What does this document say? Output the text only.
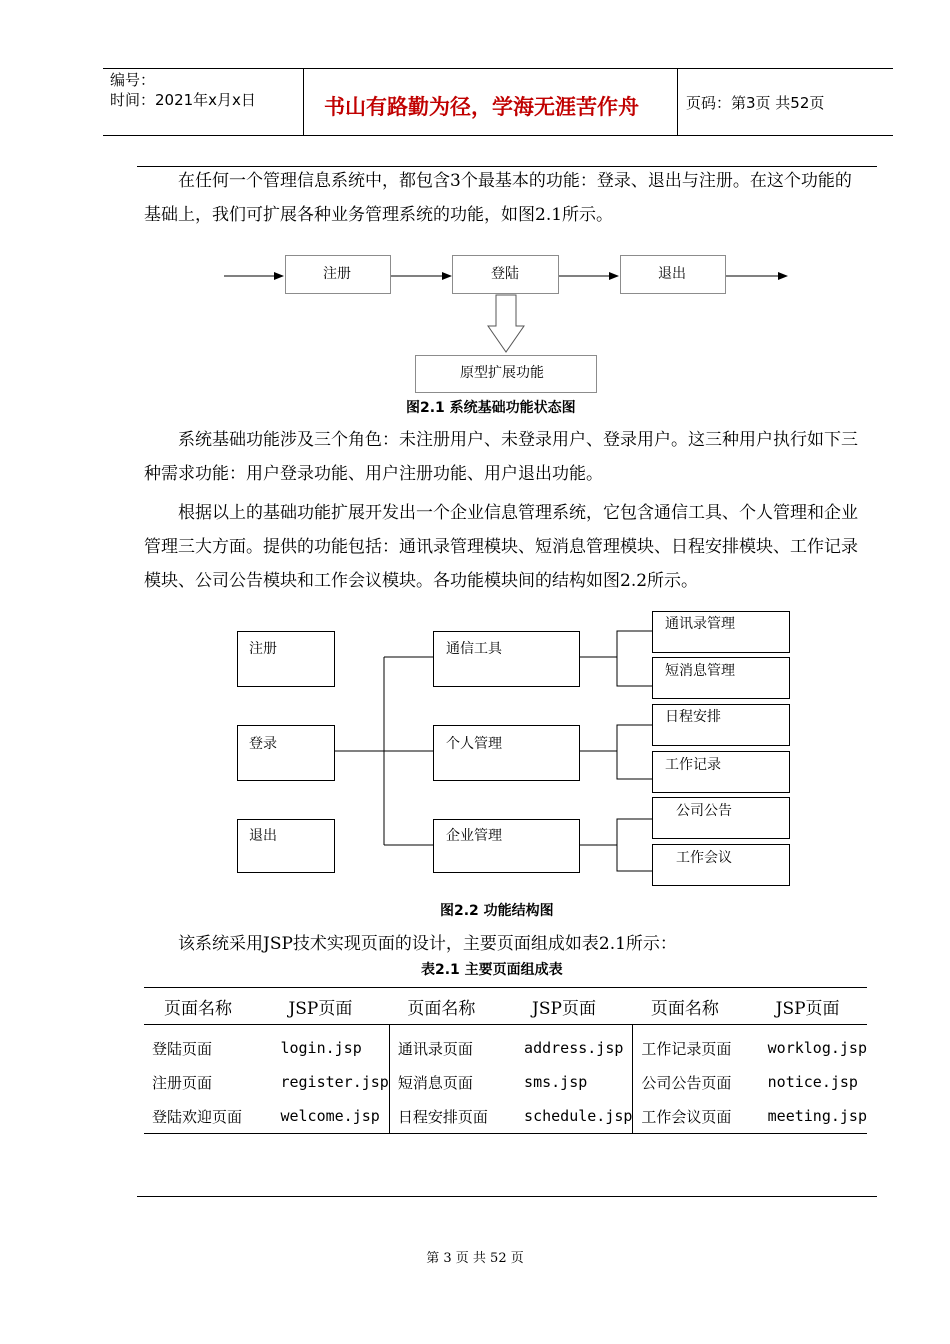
编号：
时间：2021年x月x日	书山有路勤为径，学海无涯苦作舟	页码：第3页 共52页

在任何一个管理信息系统中，都包含3个最基本的功能：登录、退出与注册。在这个功能的基础上，我们可扩展各种业务管理系统的功能，如图2.1所示。

注册	登陆	退出
原型扩展功能
图2.1 系统基础功能状态图

系统基础功能涉及三个角色：未注册用户、未登录用户、登录用户。这三种用户执行如下三种需求功能：用户登录功能、用户注册功能、用户退出功能。

根据以上的基础功能扩展开发出一个企业信息管理系统，它包含通信工具、个人管理和企业管理三大方面。提供的功能包括：通讯录管理模块、短消息管理模块、日程安排模块、工作记录模块、公司公告模块和工作会议模块。各功能模块间的结构如图2.2所示。

注册
登录
退出
通信工具
个人管理
企业管理
通讯录管理
短消息管理
日程安排
工作记录
公司公告
工作会议
图2.2 功能结构图

该系统采用JSP技术实现页面的设计，主要页面组成如表2.1所示：

表2.1 主要页面组成表
页面名称	JSP页面	页面名称	JSP页面	页面名称	JSP页面
登陆页面	login.jsp	通讯录页面	address.jsp	工作记录页面	worklog.jsp
注册页面	register.jsp	短消息页面	sms.jsp	公司公告页面	notice.jsp
登陆欢迎页面	welcome.jsp	日程安排页面	schedule.jsp	工作会议页面	meeting.jsp
第 3 页 共 52 页
